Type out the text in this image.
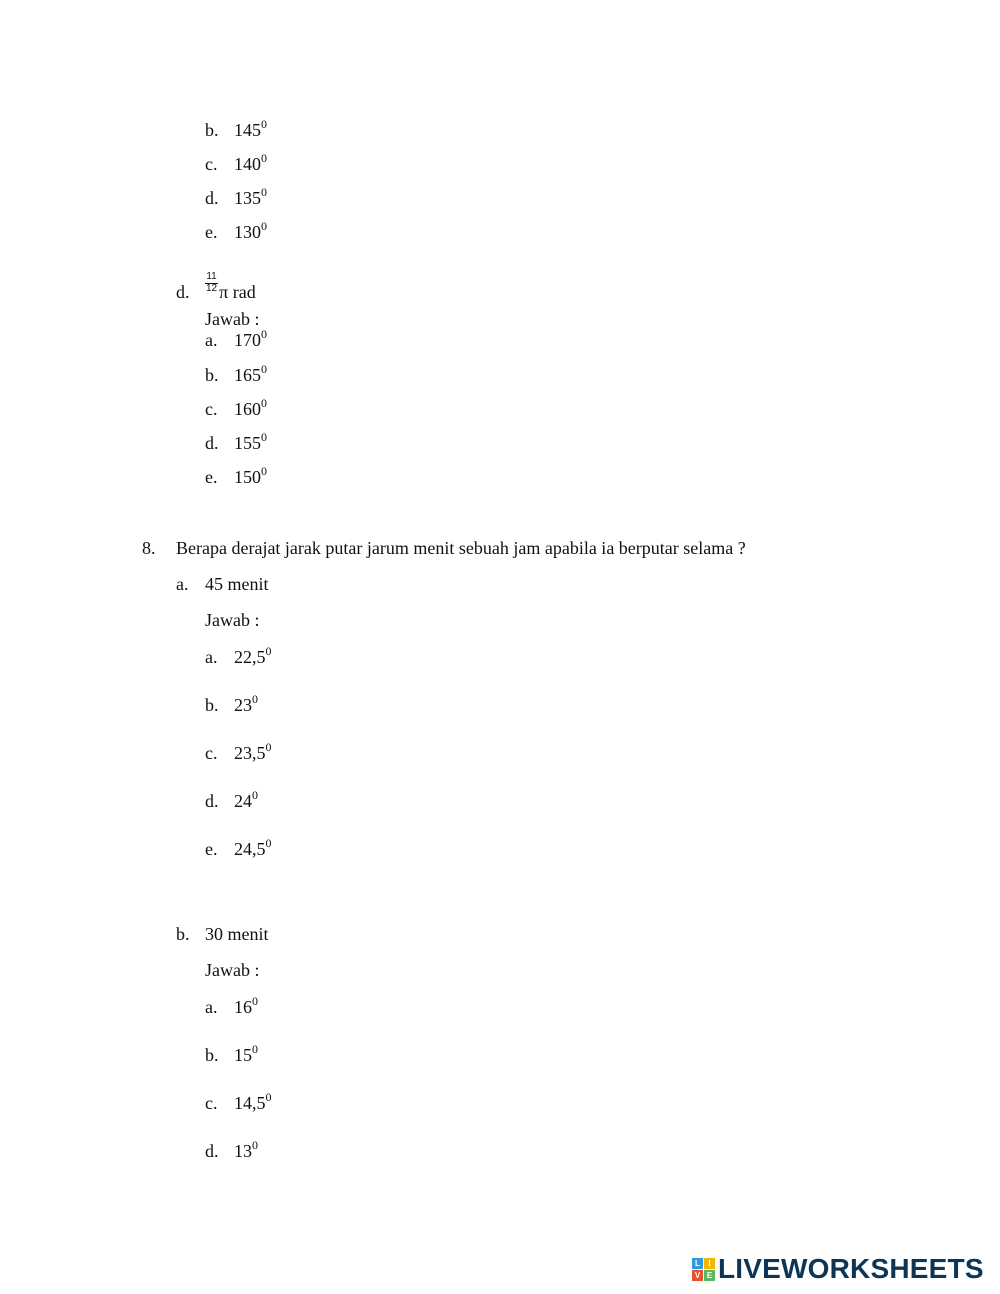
b. $145^0$
c. $140^0$
d. $135^0$
e. $130^0$
d. $\frac{11}{12}$ π rad
Jawab :
a. $170^0$
b. $165^0$
c. $160^0$
d. $155^0$
e. $150^0$
8. Berapa derajat jarak putar jarum menit sebuah jam apabila ia berputar selama ?
a. 45 menit
Jawab :
a. 22,5$^0$
b. $23^0$
c. 23,5$^0$
d. $24^0$
e. 24,5$^0$
b. 30 menit
Jawab :
a. $16^0$
b. $15^0$
c. 14,5$^0$
d. $13^0$
L	I
V E LIVEWORKSHEETS
